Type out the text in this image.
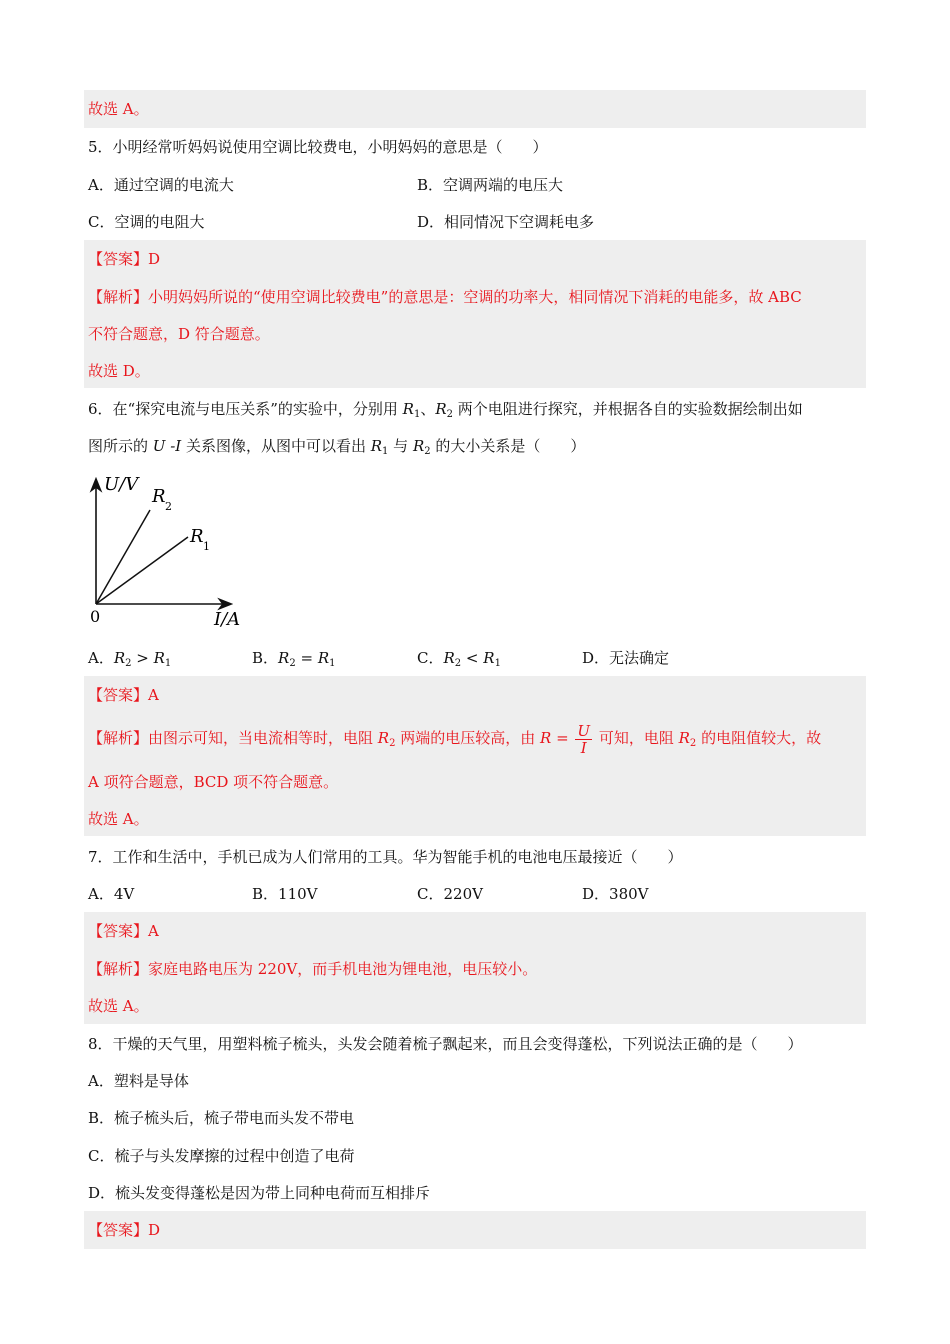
故选 A。
5．小明经常听妈妈说使用空调比较费电，小明妈妈的意思是（　　）
A．通过空调的电流大	B．空调两端的电压大
C．空调的电阻大	D．相同情况下空调耗电多
【答案】D
【解析】小明妈妈所说的“使用空调比较费电”的意思是：空调的功率大，相同情况下消耗的电能多，故 ABC
不符合题意，D 符合题意。
故选 D。
6．在“探究电流与电压关系”的实验中，分别用 $R_1$、$R_2$ 两个电阻进行探究，并根据各自的实验数据绘制出如
图所示的 U -I 关系图像，从图中可以看出 $R_1$ 与 $R_2$ 的大小关系是（　　）
U/V
I/A
0
R 2
R 1
A．$R_2 > R_1$	B．$R_2 = R_1$	C．$R_2 < R_1$	D．无法确定
【答案】A
【解析】由图示可知，当电流相等时，电阻 $R_2$ 两端的电压较高，由 $R = \frac{U}{I}$ 可知，电阻 $R_2$ 的电阻值较大，故
A 项符合题意，BCD 项不符合题意。
故选 A。
7．工作和生活中，手机已成为人们常用的工具。华为智能手机的电池电压最接近（　　）
A．4V	B．110V	C．220V	D．380V
【答案】A
【解析】家庭电路电压为 220V，而手机电池为锂电池，电压较小。
故选 A。
8．干燥的天气里，用塑料梳子梳头，头发会随着梳子飘起来，而且会变得蓬松，下列说法正确的是（　　）
A．塑料是导体
B．梳子梳头后，梳子带电而头发不带电
C．梳子与头发摩擦的过程中创造了电荷
D．梳头发变得蓬松是因为带上同种电荷而互相排斥
【答案】D
